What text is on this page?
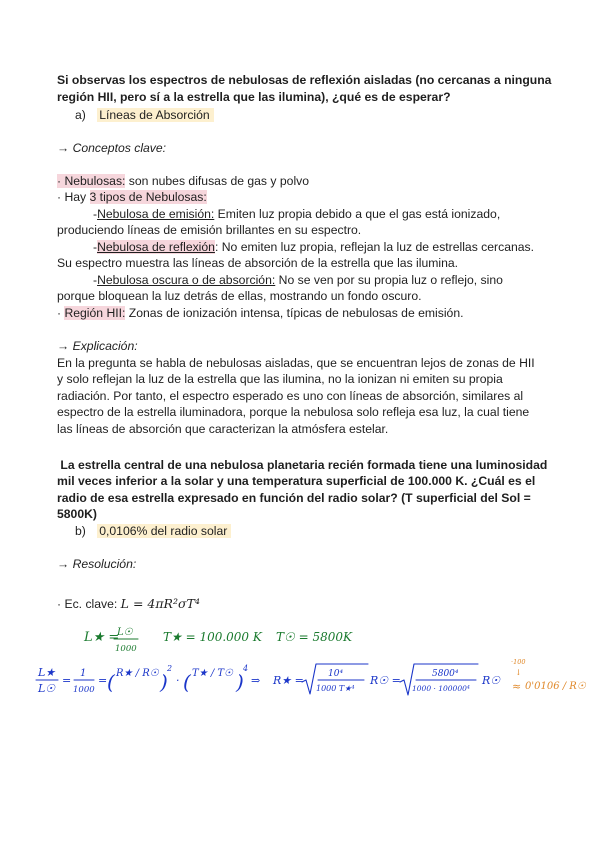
Si observas los espectros de nebulosas de reflexión aisladas (no cercanas a ninguna
región HII, pero sí a la estrella que las ilumina), ¿qué es de esperar?
a) Líneas de Absorción
→ Conceptos clave:
· Nebulosas: son nubes difusas de gas y polvo
· Hay 3 tipos de Nebulosas:
-Nebulosa de emisión: Emiten luz propia debido a que el gas está ionizado,
produciendo líneas de emisión brillantes en su espectro.
-Nebulosa de reflexión: No emiten luz propia, reflejan la luz de estrellas cercanas.
Su espectro muestra las líneas de absorción de la estrella que las ilumina.
-Nebulosa oscura o de absorción: No se ven por su propia luz o reflejo, sino
porque bloquean la luz detrás de ellas, mostrando un fondo oscuro.
· Región HII: Zonas de ionización intensa, típicas de nebulosas de emisión.
→ Explicación:
En la pregunta se habla de nebulosas aisladas, que se encuentran lejos de zonas de HII
y solo reflejan la luz de la estrella que las ilumina, no la ionizan ni emiten su propia
radiación. Por tanto, el espectro esperado es uno con líneas de absorción, similares al
espectro de la estrella iluminadora, porque la nebulosa solo refleja esa luz, la cual tiene
las líneas de absorción que caracterizan la atmósfera estelar.
La estrella central de una nebulosa planetaria recién formada tiene una luminosidad
mil veces inferior a la solar y una temperatura superficial de 100.000 K. ¿Cuál es el
radio de esa estrella expresado en función del radio solar? (T superficial del Sol =
5800K)
b) 0,0106% del radio solar
→ Resolución:
· Ec. clave: L = 4πR²σT⁴
L★ =
L☉
1000
T★ = 100.000 K T☉ = 5800K
L★
L☉
=
1
1000
= ( R★ / R☉ )
2
· ( T★ / T☉ )
4
⇒ R★ =	10⁴
1000 T★⁴
R☉ =	5800⁴
1000 · 100000⁴
R☉
·100
↓
≈ 0'0106 / R☉
